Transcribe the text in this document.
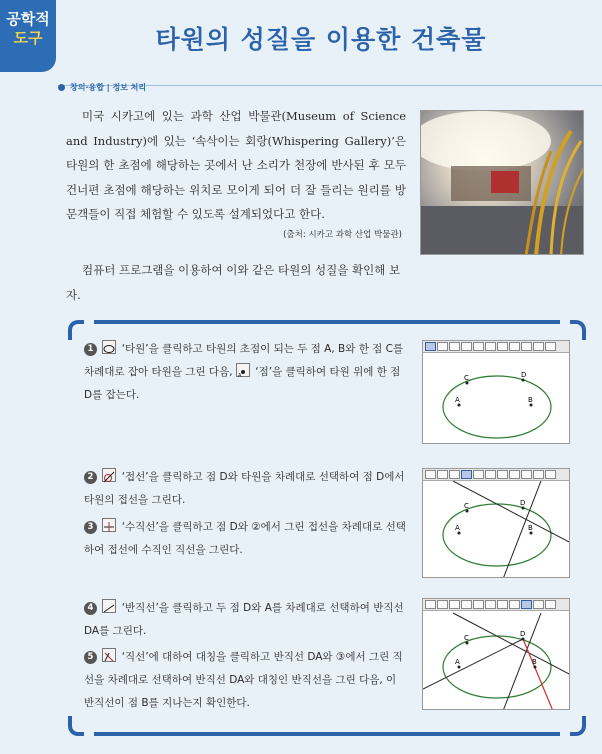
공학적
도구	타원의 성질을 이용한 건축물
창의·융합 | 정보 처리
미국 시카고에 있는 과학 산업 박물관(Museum of Science and Industry)에 있는 ‘속삭이는 회랑(Whispering Gallery)’은 타원의 한 초점에 해당하는 곳에서 난 소리가 천장에 반사된 후 모두 건너편 초점에 해당하는 위치로 모이게 되어 더 잘 들리는 원리를 방문객들이 직접 체험할 수 있도록 설계되었다고 한다.
(출처: 시카고 과학 산업 박물관)
컴퓨터 프로그램을 이용하여 이와 같은 타원의 성질을 확인해 보자.
1	‘타원’을 클릭하고 타원의 초점이 되는 두 점 A, B와 한 점 C를 차례대로 잡아 타원을 그린 다음, A ‘점’을 클릭하여 타원 위에 한 점 D를 잡는다.	A	B
C	D
2	‘접선’을 클릭하고 점 D와 타원을 차례대로 선택하여 점 D에서 타원의 접선을 그린다.
3	‘수직선’을 클릭하고 점 D와 ②에서 그린 접선을 차례대로 선택하여 접선에 수직인 직선을 그린다.
D
A	B
C
4	‘반직선’을 클릭하고 두 점 D와 A를 차례대로 선택하여 반직선 DA를 그린다.
5	‘직선’에 대하여 대칭을 클릭하고 반직선 DA와 ③에서 그린 직선을 차례대로 선택하여 반직선 DA와 대칭인 반직선을 그린 다음, 이 반직선이 점 B를 지나는지 확인한다.
D
A	B
C
